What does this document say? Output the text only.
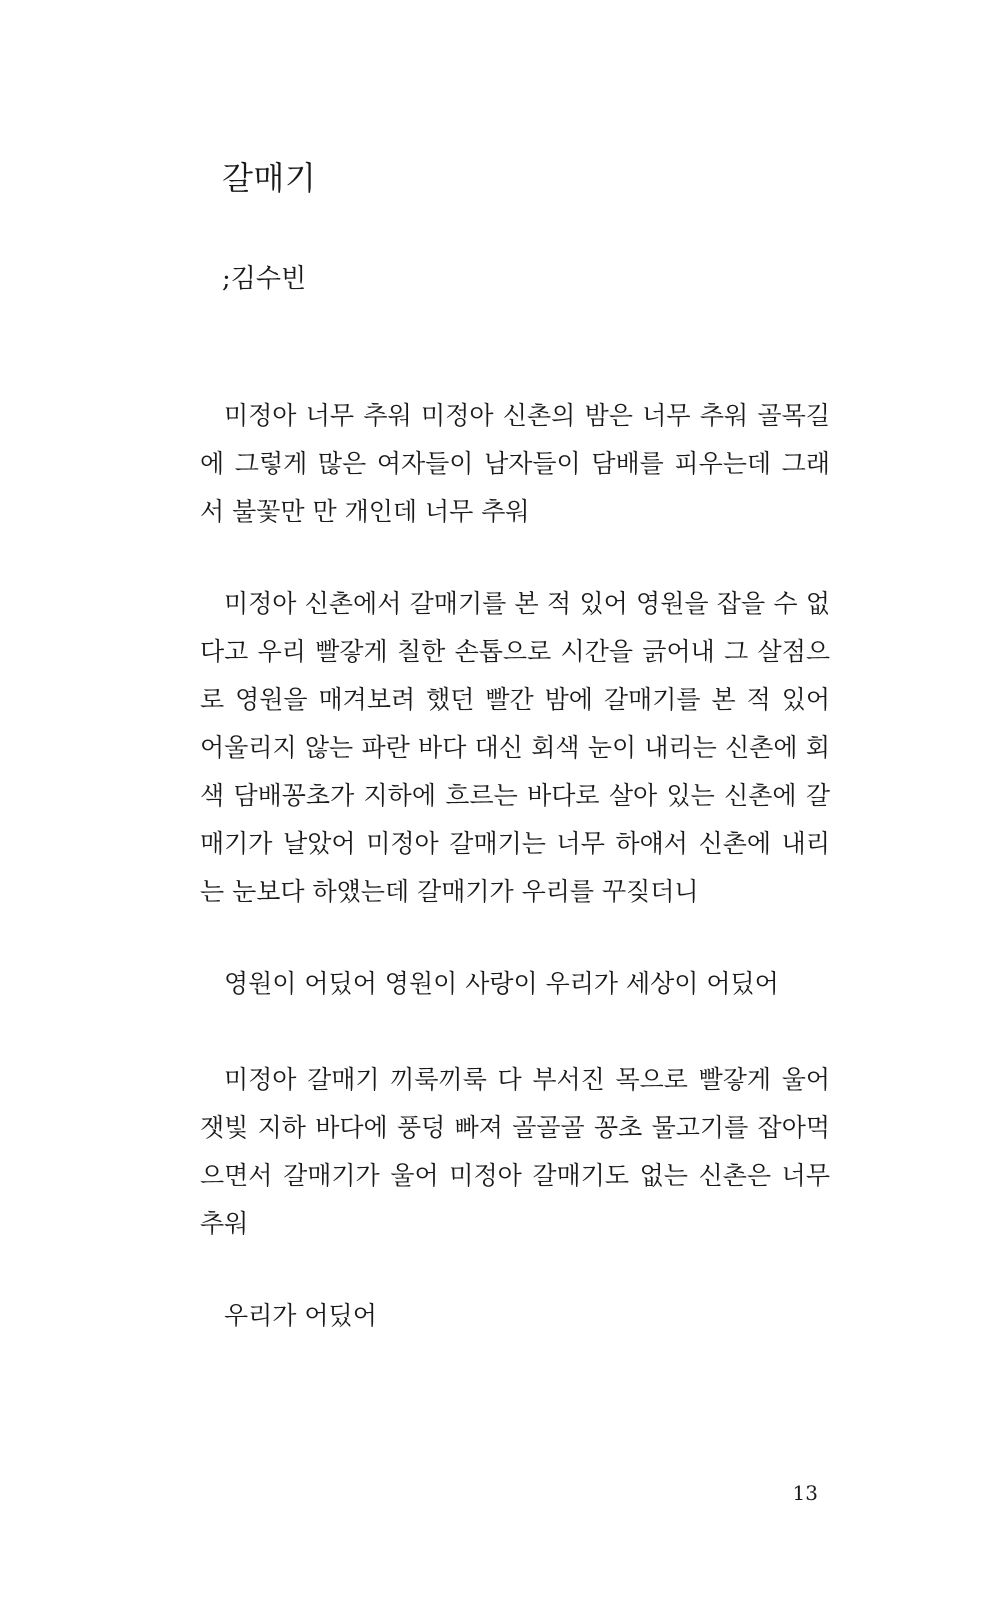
갈매기

;김수빈

미정아 너무 추워 미정아 신촌의 밤은 너무 추워 골목길
에 그렇게 많은 여자들이 남자들이 담배를 피우는데 그래
서 불꽃만 만 개인데 너무 추워
미정아 신촌에서 갈매기를 본 적 있어 영원을 잡을 수 없
다고 우리 빨갛게 칠한 손톱으로 시간을 긁어내 그 살점으
로 영원을 매겨보려 했던 빨간 밤에 갈매기를 본 적 있어
어울리지 않는 파란 바다 대신 회색 눈이 내리는 신촌에 회
색 담배꽁초가 지하에 흐르는 바다로 살아 있는 신촌에 갈
매기가 날았어 미정아 갈매기는 너무 하얘서 신촌에 내리
는 눈보다 하얬는데 갈매기가 우리를 꾸짖더니
영원이 어딨어 영원이 사랑이 우리가 세상이 어딨어
미정아 갈매기 끼룩끼룩 다 부서진 목으로 빨갛게 울어
잿빛 지하 바다에 풍덩 빠져 골골골 꽁초 물고기를 잡아먹
으면서 갈매기가 울어 미정아 갈매기도 없는 신촌은 너무
추워
우리가 어딨어

13
